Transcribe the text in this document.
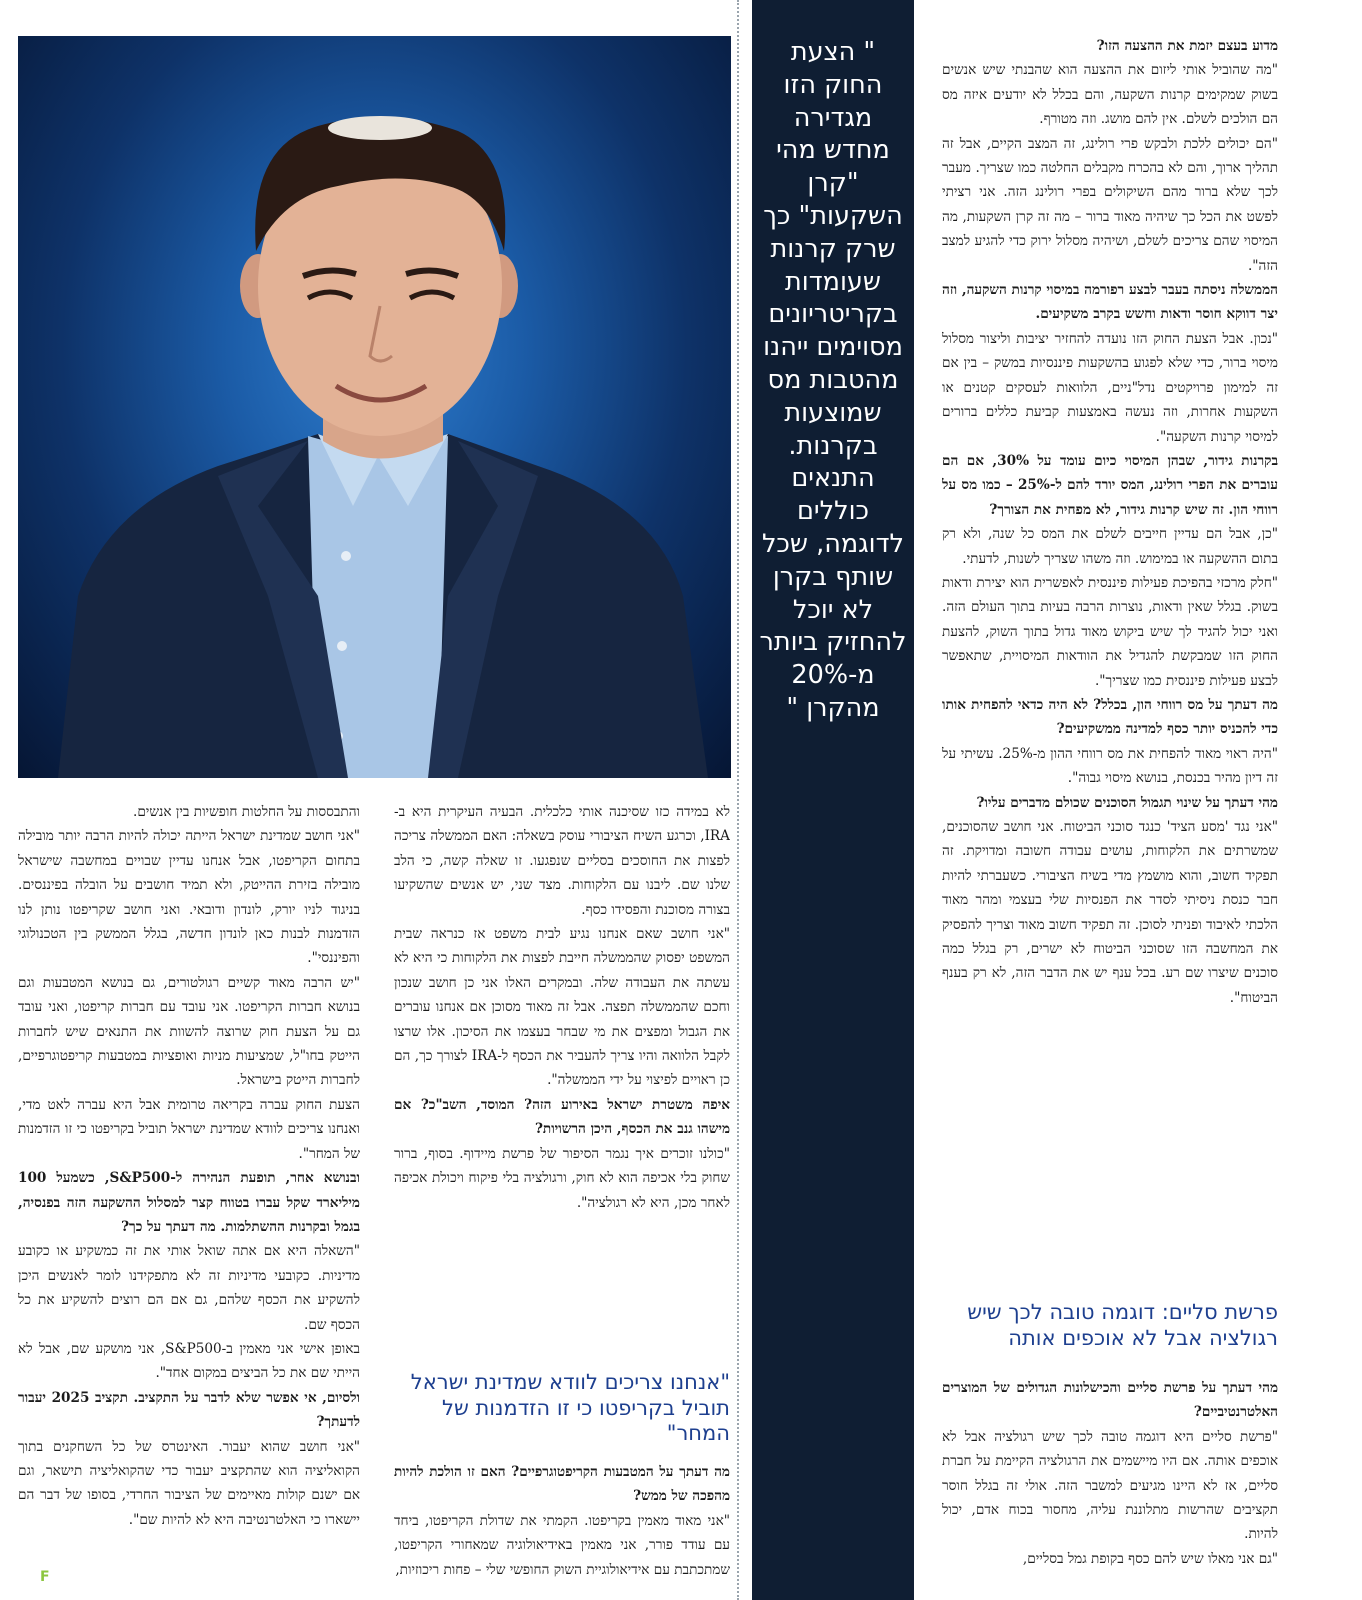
" הצעת החוק הזו מגדירה מחדש מהי "קרן השקעות" כך שרק קרנות שעומדות בקריטריונים מסוימים ייהנו מהטבות מס שמוצעות בקרנות. התנאים כוללים לדוגמה, שכל שותף בקרן לא יוכל להחזיק ביותר מ-20% מהקרן "

מדוע בעצם יזמת את ההצעה הזו?

"מה שהוביל אותי ליזום את ההצעה הוא שהבנתי שיש אנשים בשוק שמקימים קרנות השקעה, והם בכלל לא יודעים איזה מס הם הולכים לשלם. אין להם מושג. וזה מטורף.

"הם יכולים ללכת ולבקש פרי רולינג, זה המצב הקיים, אבל זה תהליך ארוך, והם לא בהכרח מקבלים החלטה כמו שצריך. מעבר לכך שלא ברור מהם השיקולים בפרי רולינג הזה. אני רציתי לפשט את הכל כך שיהיה מאוד ברור – מה זה קרן השקעות, מה המיסוי שהם צריכים לשלם, ושיהיה מסלול ירוק כדי להגיע למצב הזה".

הממשלה ניסתה בעבר לבצע רפורמה במיסוי קרנות השקעה, וזה יצר דווקא חוסר ודאות וחשש בקרב משקיעים.

"נכון. אבל הצעת החוק הזו נועדה להחזיר יציבות וליצור מסלול מיסוי ברור, כדי שלא לפגוע בהשקעות פיננסיות במשק – בין אם זה למימון פרויקטים נדל"ניים, הלוואות לעסקים קטנים או השקעות אחרות, וזה נעשה באמצעות קביעת כללים ברורים למיסוי קרנות השקעה".

בקרנות גידור, שבהן המיסוי כיום עומד על 30%, אם הם עוברים את הפרי רולינג, המס יורד להם ל-25% – כמו מס על רווחי הון. זה שיש קרנות גידור, לא מפחית את הצורך?

"כן, אבל הם עדיין חייבים לשלם את המס כל שנה, ולא רק בתום ההשקעה או במימוש. וזה משהו שצריך לשנות, לדעתי.

"חלק מרכזי בהפיכת פעילות פיננסית לאפשרית הוא יצירת ודאות בשוק. בגלל שאין ודאות, נוצרות הרבה בעיות בתוך העולם הזה. ואני יכול להגיד לך שיש ביקוש מאוד גדול בתוך השוק, להצעת החוק הזו שמבקשת להגדיל את הוודאות המיסויית, שתאפשר לבצע פעילות פיננסית כמו שצריך".

מה דעתך על מס רווחי הון, בכלל? לא היה כדאי להפחית אותו כדי להכניס יותר כסף למדינה ממשקיעים?

"היה ראוי מאוד להפחית את מס רווחי ההון מ-25%. עשיתי על זה דיון מהיר בכנסת, בנושא מיסוי גבוה".

מהי דעתך על שינוי תגמול הסוכנים שכולם מדברים עליו?

"אני נגד 'מסע הציד' כנגד סוכני הביטוח. אני חושב שהסוכנים, שמשרתים את הלקוחות, עושים עבודה חשובה ומדויקת. זה תפקיד חשוב, והוא מושמץ מדי בשיח הציבורי. כשעברתי להיות חבר כנסת ניסיתי לסדר את הפנסיות שלי בעצמי ומהר מאוד הלכתי לאיבוד ופניתי לסוכן. זה תפקיד חשוב מאוד וצריך להפסיק את המחשבה הזו שסוכני הביטוח לא ישרים, רק בגלל כמה סוכנים שיצרו שם רע. בכל ענף יש את הדבר הזה, לא רק בענף הביטוח".

פרשת סליים: דוגמה טובה לכך שיש רגולציה אבל לא אוכפים אותה

מהי דעתך על פרשת סליים והכישלונות הגדולים של המוצרים האלטרנטיביים?

"פרשת סליים היא דוגמה טובה לכך שיש רגולציה אבל לא אוכפים אותה. אם היו מיישמים את הרגולציה הקיימת על חברת סליים, אז לא היינו מגיעים למשבר הזה. אולי זה בגלל חוסר תקציבים שהרשות מתלוננת עליה, מחסור בכוח אדם, יכול להיות.

"גם אני מאלו שיש להם כסף בקופת גמל בסליים,

לא במידה כזו שסיכנה אותי כלכלית. הבעיה העיקרית היא ב-IRA, וכרגע השיח הציבורי עוסק בשאלה: האם הממשלה צריכה לפצות את החוסכים בסליים שנפגעו. זו שאלה קשה, כי הלב שלנו שם. ליבנו עם הלקוחות. מצד שני, יש אנשים שהשקיעו בצורה מסוכנת והפסידו כסף.

"אני חושב שאם אנחנו נגיע לבית משפט אז כנראה שבית המשפט יפסוק שהממשלה חייבת לפצות את הלקוחות כי היא לא עשתה את העבודה שלה. ובמקרים האלו אני כן חושב שנכון וחכם שהממשלה תפצה. אבל זה מאוד מסוכן אם אנחנו עוברים את הגבול ומפצים את מי שבחר בעצמו את הסיכון. אלו שרצו לקבל הלוואה והיו צריך להעביר את הכסף ל-IRA לצורך כך, הם כן ראויים לפיצוי על ידי הממשלה".

איפה משטרת ישראל באירוע הזה? המוסד, השב"כ? אם מישהו גנב את הכסף, היכן הרשויות?

"כולנו זוכרים איך נגמר הסיפור של פרשת מיידוף. בסוף, ברור שחוק בלי אכיפה הוא לא חוק, ורגולציה בלי פיקוח ויכולת אכיפה לאחר מכן, היא לא רגולציה".

"אנחנו צריכים לוודא שמדינת ישראל תוביל בקריפטו כי זו הזדמנות של המחר"

מה דעתך על המטבעות הקריפטוגרפיים? האם זו הולכת להיות מהפכה של ממש?

"אני מאוד מאמין בקריפטו. הקמתי את שדולת הקריפטו, ביחד עם עודד פורר, אני מאמין באידיאולוגיה שמאחורי הקריפטו, שמתכתבת עם אידיאולוגיית השוק החופשי שלי – פחות ריכוזיות,

והתבססות על החלטות חופשיות בין אנשים.

"אני חושב שמדינת ישראל הייתה יכולה להיות הרבה יותר מובילה בתחום הקריפטו, אבל אנחנו עדיין שבויים במחשבה שישראל מובילה בזירת ההייטק, ולא תמיד חושבים על הובלה בפיננסים. בניגוד לניו יורק, לונדון ודובאי. ואני חושב שקריפטו נותן לנו הזדמנות לבנות כאן לונדון חדשה, בגלל הממשק בין הטכנולוגי והפיננסי".

"יש הרבה מאוד קשיים רגולטורים, גם בנושא המטבעות וגם בנושא חברות הקריפטו. אני עובד עם חברות קריפטו, ואני עובד גם על הצעת חוק שרוצה להשוות את התנאים שיש לחברות הייטק בחו"ל, שמציעות מניות ואופציות במטבעות קריפטוגרפיים, לחברות הייטק בישראל.

הצעת החוק עברה בקריאה טרומית אבל היא עברה לאט מדי, ואנחנו צריכים לוודא שמדינת ישראל תוביל בקריפטו כי זו הזדמנות של המחר".

ובנושא אחר, תופעת הנהירה ל-S&P500, כשמעל 100 מיליארד שקל עברו בטווח קצר למסלול ההשקעה הזה בפנסיה, בגמל ובקרנות ההשתלמות. מה דעתך על כך?

"השאלה היא אם אתה שואל אותי את זה כמשקיע או כקובע מדיניות. כקובעי מדיניות זה לא מתפקידנו לומר לאנשים היכן להשקיע את הכסף שלהם, גם אם הם רוצים להשקיע את כל הכסף שם.

באופן אישי אני מאמין ב-S&P500, אני מושקע שם, אבל לא הייתי שם את כל הביצים במקום אחד".

ולסיום, אי אפשר שלא לדבר על התקציב. תקציב 2025 יעבור לדעתך?

"אני חושב שהוא יעבור. האינטרס של כל השחקנים בתוך הקואליציה הוא שהתקציב יעבור כדי שהקואליציה תישאר, וגם אם ישנם קולות מאיימים של הציבור החרדי, בסופו של דבר הם יישארו כי האלטרנטיבה היא לא להיות שם".

F
